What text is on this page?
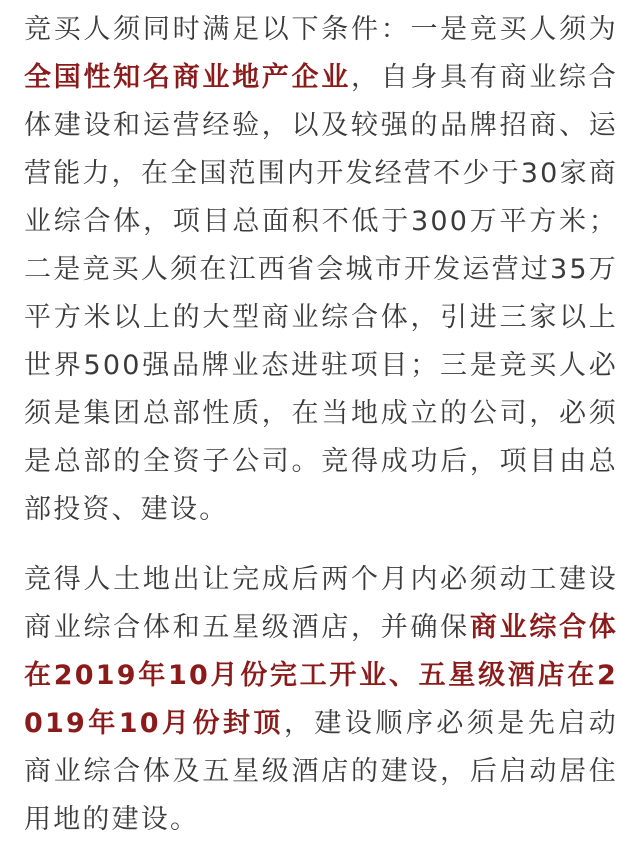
竞买人须同时满足以下条件：一是竞买人须为全国性知名商业地产企业，自身具有商业综合体建设和运营经验，以及较强的品牌招商、运营能力，在全国范围内开发经营不少于30家商业综合体，项目总面积不低于300万平方米；二是竞买人须在江西省会城市开发运营过35万平方米以上的大型商业综合体，引进三家以上世界500强品牌业态进驻项目；三是竞买人必须是集团总部性质，在当地成立的公司，必须是总部的全资子公司。竞得成功后，项目由总部投资、建设。

竞得人土地出让完成后两个月内必须动工建设商业综合体和五星级酒店，并确保商业综合体在2019年10月份完工开业、五星级酒店在2019年10月份封顶，建设顺序必须是先启动商业综合体及五星级酒店的建设，后启动居住用地的建设。
